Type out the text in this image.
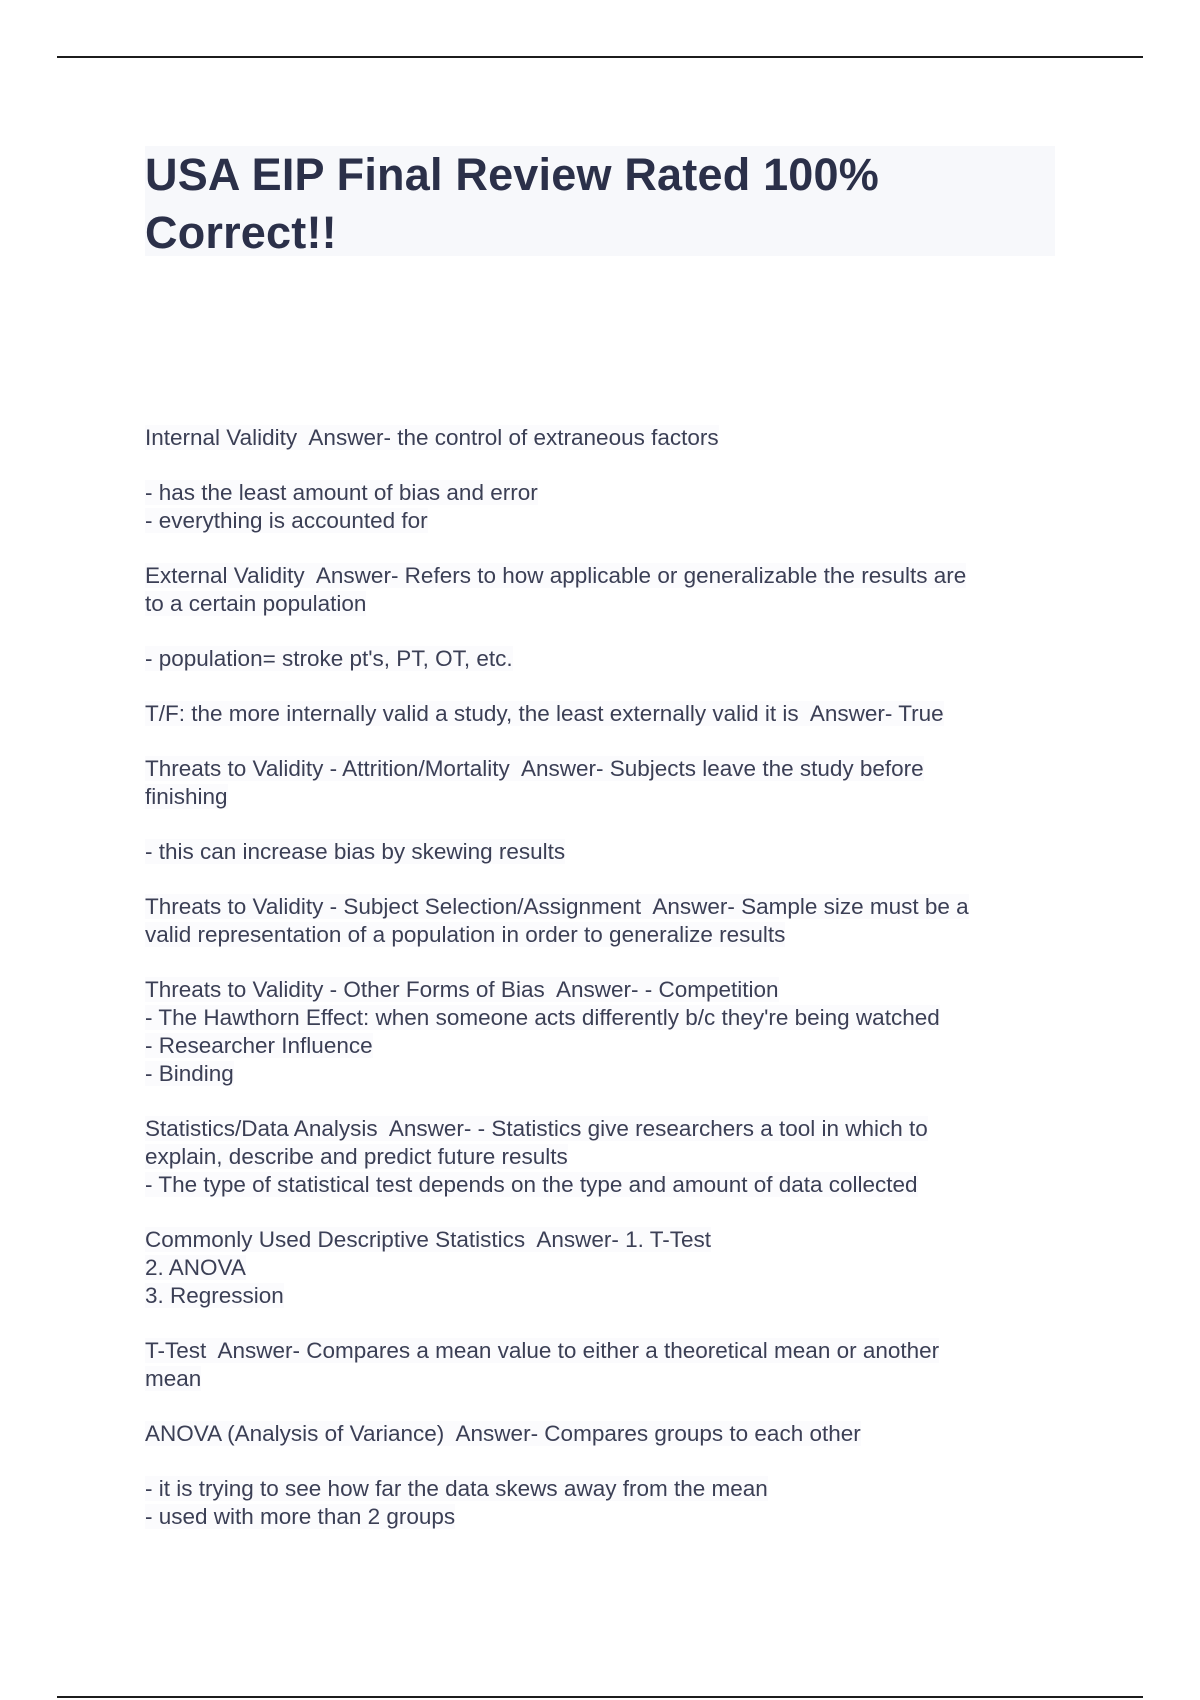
USA EIP Final Review Rated 100%
Correct!!
Internal Validity  Answer- the control of extraneous factors
- has the least amount of bias and error
- everything is accounted for
External Validity  Answer- Refers to how applicable or generalizable the results are
to a certain population
- population= stroke pt's, PT, OT, etc.
T/F: the more internally valid a study, the least externally valid it is  Answer- True
Threats to Validity - Attrition/Mortality  Answer- Subjects leave the study before
finishing
- this can increase bias by skewing results
Threats to Validity - Subject Selection/Assignment  Answer- Sample size must be a
valid representation of a population in order to generalize results
Threats to Validity - Other Forms of Bias  Answer- - Competition
- The Hawthorn Effect: when someone acts differently b/c they're being watched
- Researcher Influence
- Binding
Statistics/Data Analysis  Answer- - Statistics give researchers a tool in which to
explain, describe and predict future results
- The type of statistical test depends on the type and amount of data collected
Commonly Used Descriptive Statistics  Answer- 1. T-Test
2. ANOVA
3. Regression
T-Test  Answer- Compares a mean value to either a theoretical mean or another
mean
ANOVA (Analysis of Variance)  Answer- Compares groups to each other
- it is trying to see how far the data skews away from the mean
- used with more than 2 groups
